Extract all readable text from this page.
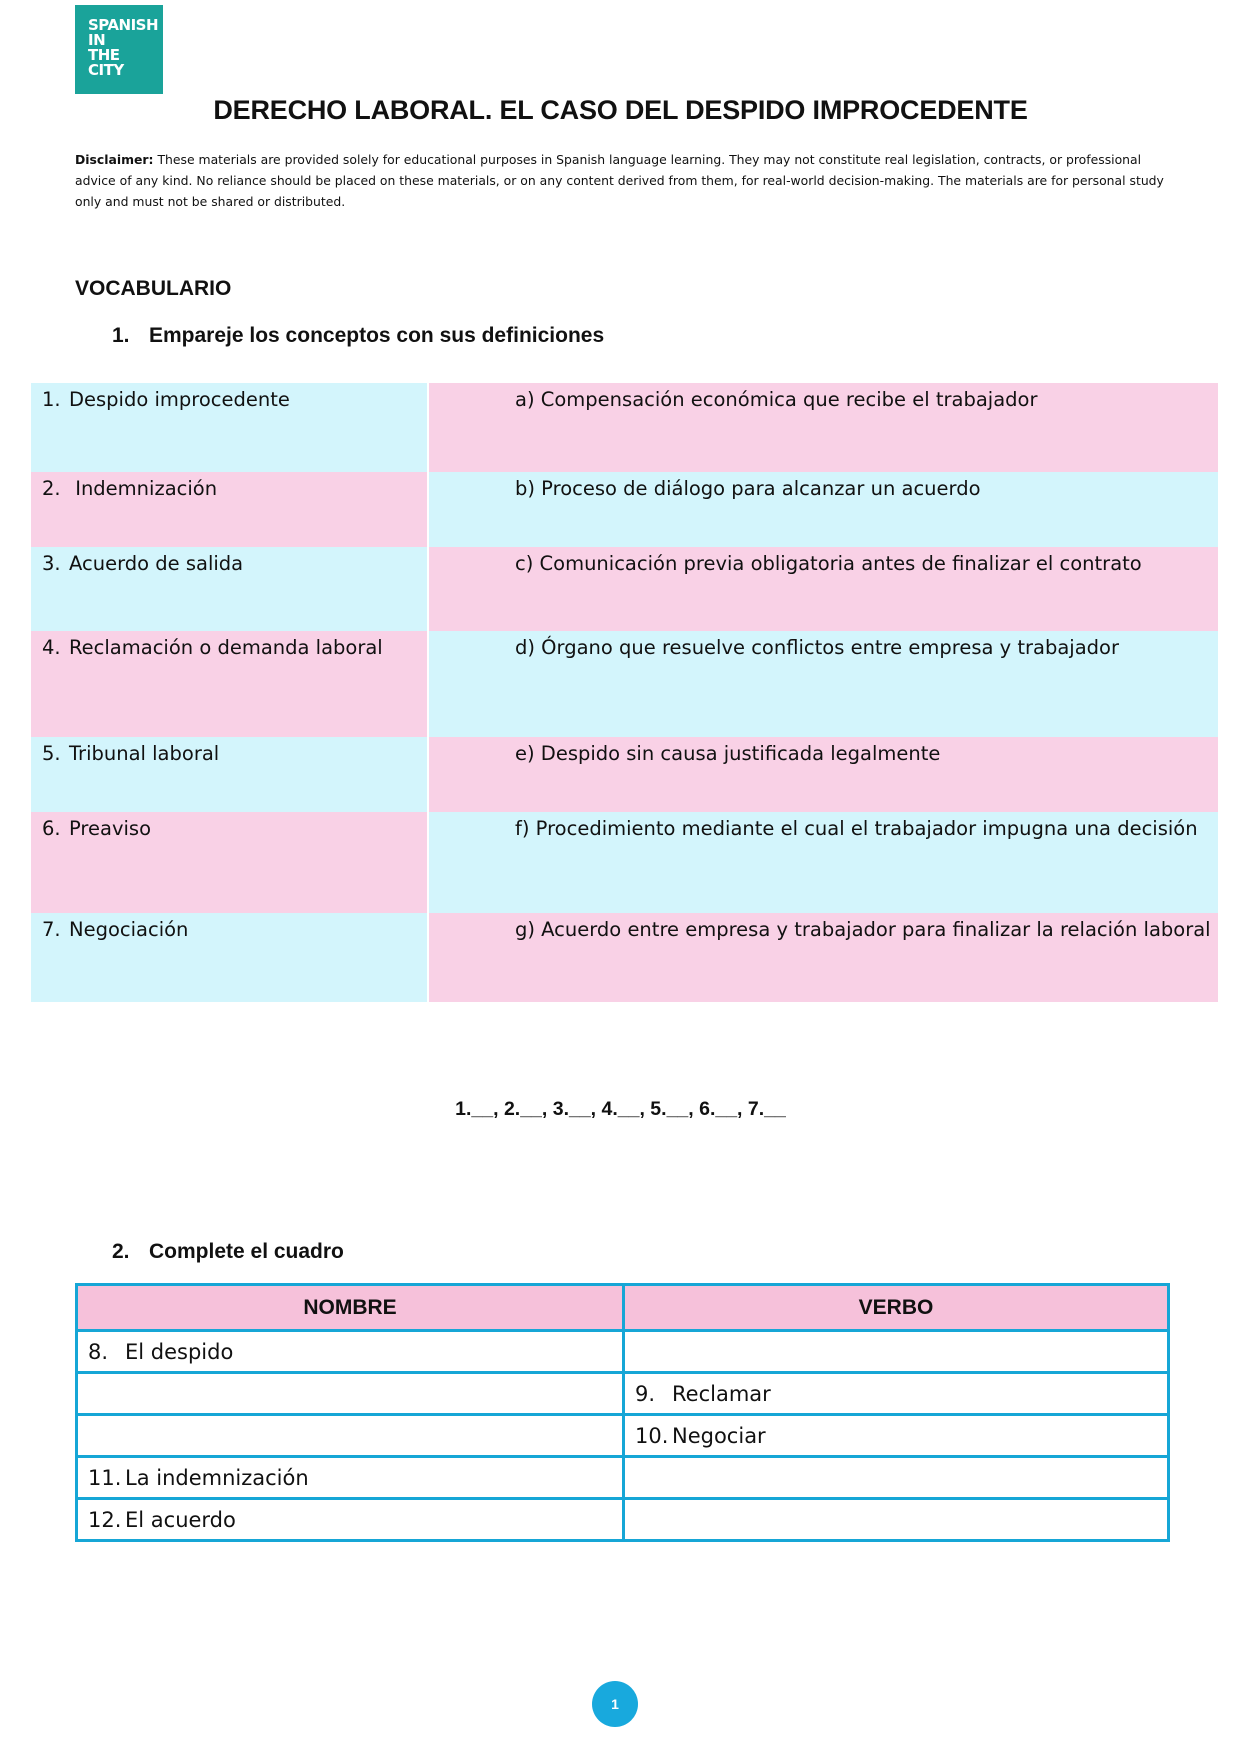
SPANISH
IN
THE
CITY
DERECHO LABORAL. EL CASO DEL DESPIDO IMPROCEDENTE
Disclaimer: These materials are provided solely for educational purposes in Spanish language learning. They may not constitute real legislation, contracts, or professional advice of any kind. No reliance should be placed on these materials, or on any content derived from them, for real-world decision-making. The materials are for personal study only and must not be shared or distributed.
VOCABULARIO
1. Empareje los conceptos con sus definiciones
1. Despido improcedente	a) Compensación económica que recibe el trabajador

2. Indemnización	b) Proceso de diálogo para alcanzar un acuerdo

3. Acuerdo de salida	c) Comunicación previa obligatoria antes de finalizar el contrato

4. Reclamación o demanda laboral	d) Órgano que resuelve conflictos entre empresa y trabajador

5. Tribunal laboral	e) Despido sin causa justificada legalmente

6. Preaviso	f) Procedimiento mediante el cual el trabajador impugna una decisión

7. Negociación	g) Acuerdo entre empresa y trabajador para finalizar la relación laboral
1.__, 2.__, 3.__, 4.__, 5.__, 6.__, 7.__
2. Complete el cuadro
NOMBRE	VERBO
8. El despido	
	9. Reclamar
	10. Negociar
11. La indemnización	
12. El acuerdo	
1
